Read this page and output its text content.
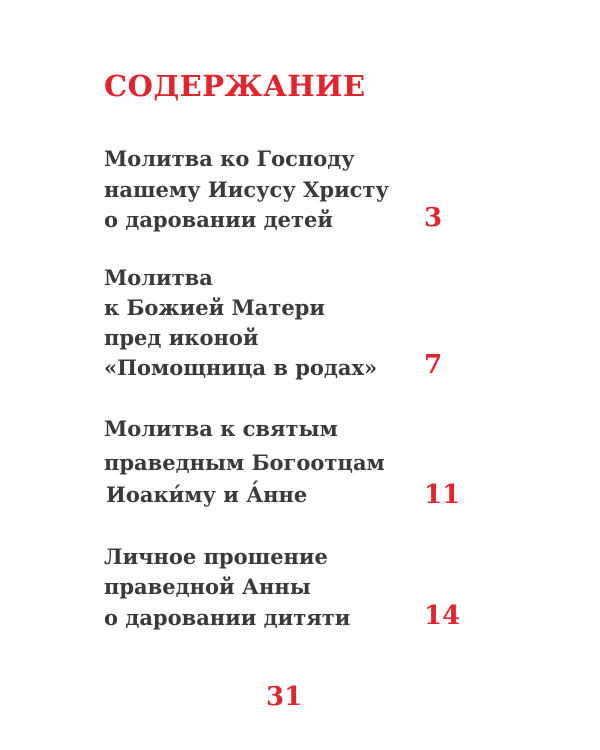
СОДЕРЖАНИЕ
Молитва ко Господу
нашему Иисусу Христу
о даровании детей	3
Молитва
к Божией Матери
пред иконой
«Помощница в родах» 7
Молитва к святым
праведным Богоотцам
Иоаки́му и А́нне	11
Личное прошение
праведной Анны
о даровании дитяти	14
31
